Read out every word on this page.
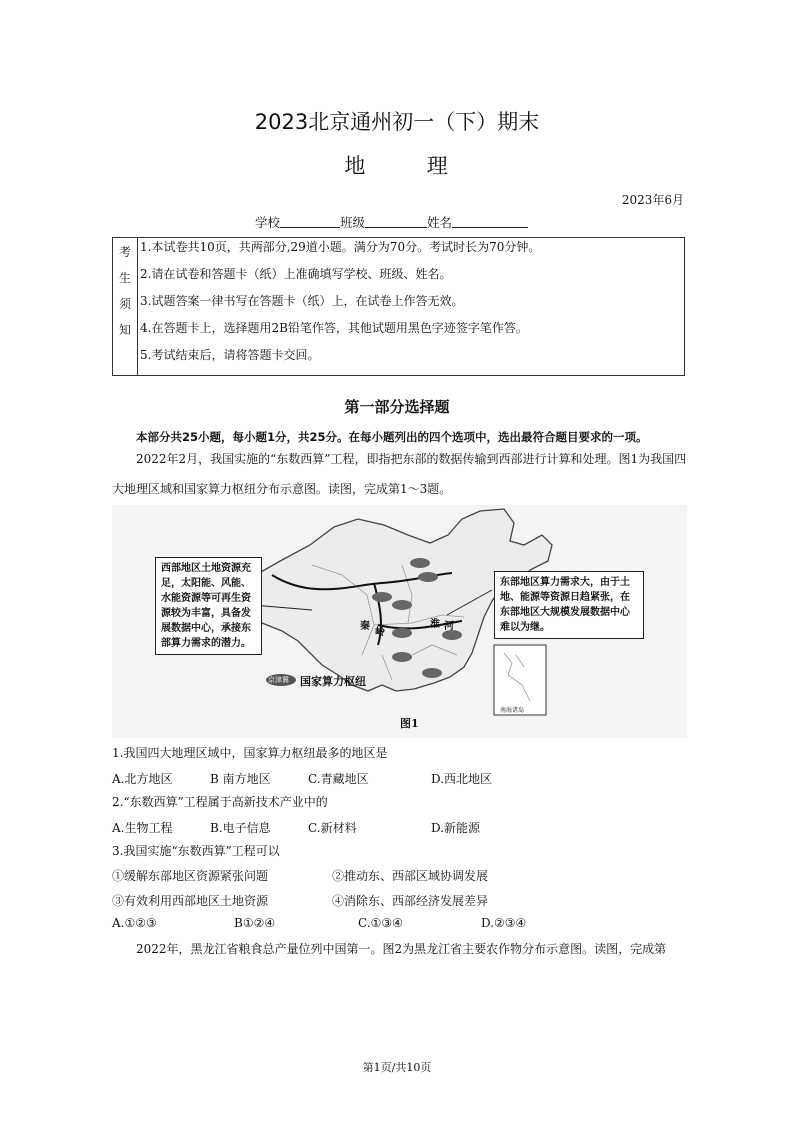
2023北京通州初一（下）期末
地	理
2023年6月
学校	班级	姓名
考
生
须
知

1.本试卷共10页，共两部分,29道小题。满分为70分。考试时长为70分钟。
2.请在试卷和答题卡（纸）上准确填写学校、班级、姓名。
3.试题答案一律书写在答题卡（纸）上，在试卷上作答无效。
4.在答题卡上，选择题用2B铅笔作答，其他试题用黑色字迹签字笔作答。
5.考试结束后，请将答题卡交回。
第一部分选择题
本部分共25小题，每小题1分，共25分。在每小题列出的四个选项中，选出最符合题目要求的一项。
2022年2月，我国实施的“东数西算”工程，即指把东部的数据传输到西部进行计算和处理。图1为我国四大地理区域和国家算力枢纽分布示意图。读图，完成第1～3题。
西部地区土地资源充足，太阳能、风能、水能资源等可再生资源较为丰富，具备发展数据中心，承接东部算力需求的潜力。
东部地区算力需求大，由于土地、能源等资源日趋紧张，在东部地区大规模发展数据中心难以为继。
秦
岭
淮 河
京津冀 国家算力枢纽
南海诸岛
图1
1.我国四大地理区域中，国家算力枢纽最多的地区是
A.北方地区	B 南方地区	C.青藏地区	D.西北地区
2.“东数西算”工程属于高新技术产业中的
A.生物工程	B.电子信息	C.新材料	D.新能源
3.我国实施“东数西算”工程可以
①缓解东部地区资源紧张问题	②推动东、西部区域协调发展
③有效利用西部地区土地资源	④消除东、西部经济发展差异
A.①②③	B①②④	C.①③④	D.②③④
2022年，黑龙江省粮食总产量位列中国第一。图2为黑龙江省主要农作物分布示意图。读图，完成第
第1页/共10页
